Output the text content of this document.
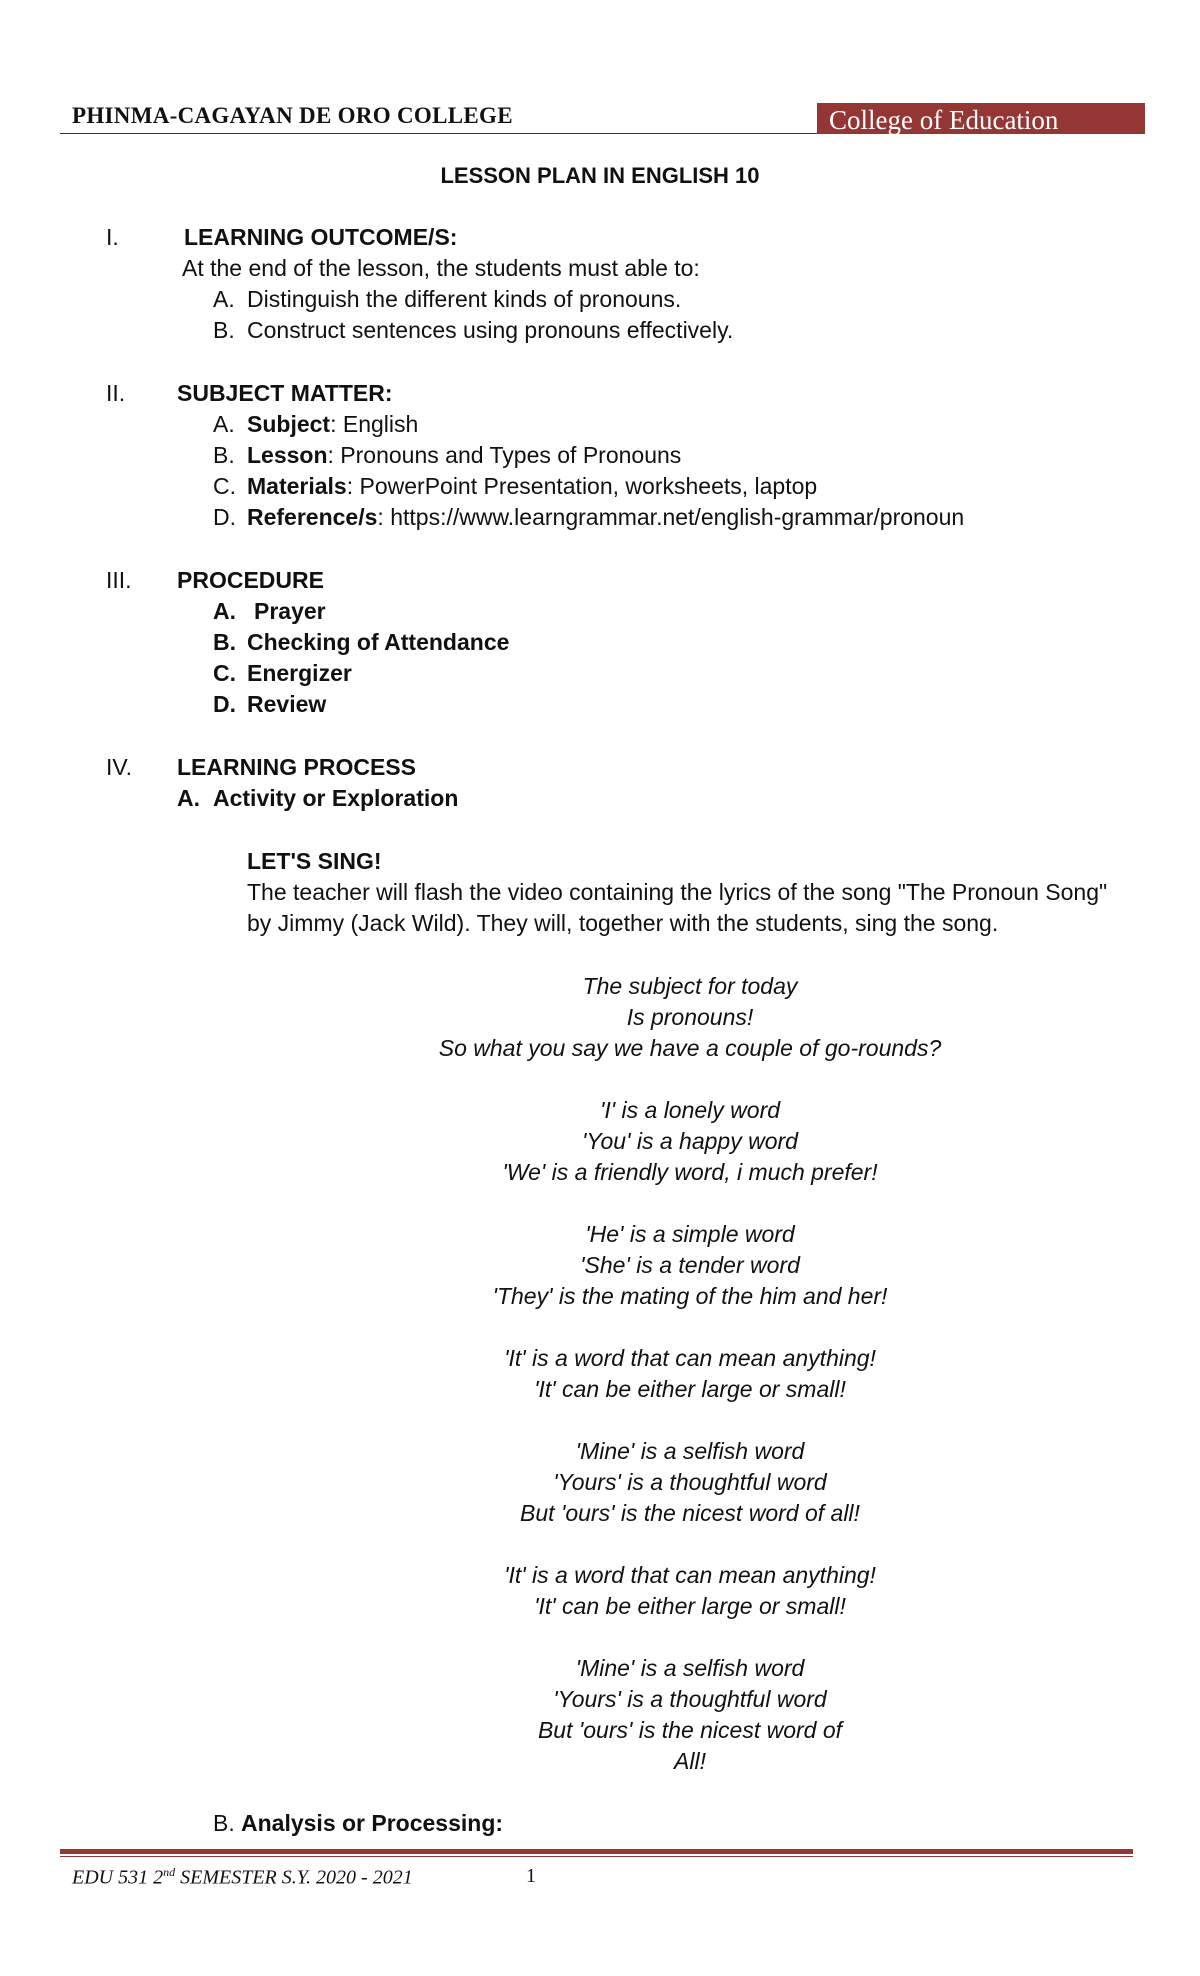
PHINMA-CAGAYAN DE ORO COLLEGE	College of Education
LESSON PLAN IN ENGLISH 10
I.	LEARNING OUTCOME/S:
At the end of the lesson, the students must able to:
A. Distinguish the different kinds of pronouns.
B. Construct sentences using pronouns effectively.
II. SUBJECT MATTER:
A. Subject: English
B. Lesson: Pronouns and Types of Pronouns
C. Materials: PowerPoint Presentation, worksheets, laptop
D. Reference/s: https://www.learngrammar.net/english-grammar/pronoun
III. PROCEDURE
A. Prayer
B. Checking of Attendance
C. Energizer
D. Review
IV. LEARNING PROCESS
A. Activity or Exploration
LET'S SING!
The teacher will flash the video containing the lyrics of the song "The Pronoun Song"
by Jimmy (Jack Wild). They will, together with the students, sing the song.
The subject for today
Is pronouns!
So what you say we have a couple of go-rounds?
'I' is a lonely word
'You' is a happy word
'We' is a friendly word, i much prefer!
'He' is a simple word
'She' is a tender word
'They' is the mating of the him and her!
'It' is a word that can mean anything!
'It' can be either large or small!
'Mine' is a selfish word
'Yours' is a thoughtful word
But 'ours' is the nicest word of all!
'It' is a word that can mean anything!
'It' can be either large or small!
'Mine' is a selfish word
'Yours' is a thoughtful word
But 'ours' is the nicest word of
All!
B. Analysis or Processing:
EDU 531 2nd SEMESTER S.Y. 2020 - 2021	1
